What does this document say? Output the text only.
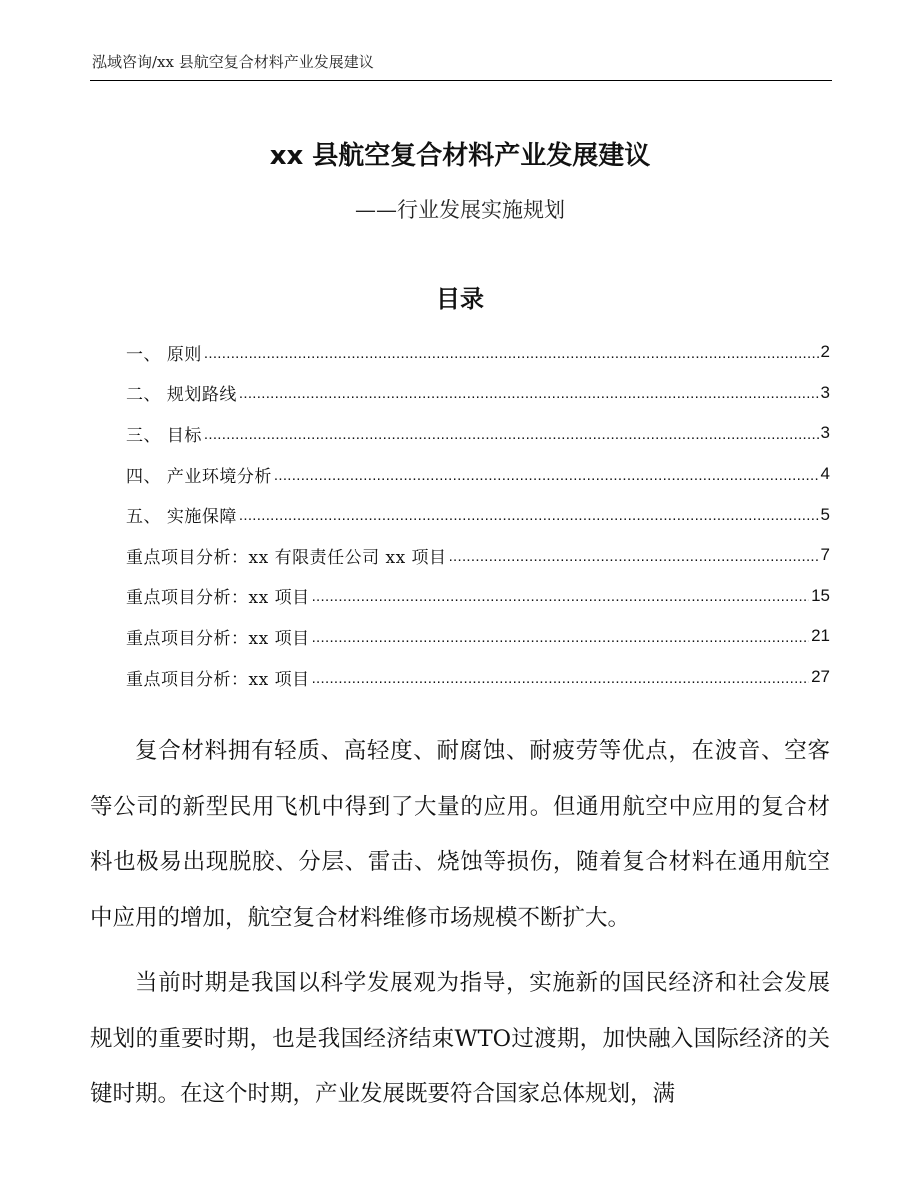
泓域咨询/xx 县航空复合材料产业发展建议
xx 县航空复合材料产业发展建议
——行业发展实施规划
目录
一、 原则 .....	2
二、 规划路线 .....	3
三、 目标 .....	3
四、 产业环境分析 .....	4
五、 实施保障 .....	5
重点项目分析：xx 有限责任公司 xx 项目 .....	7
重点项目分析：xx 项目 .....	15
重点项目分析：xx 项目 .....	21
重点项目分析：xx 项目 .....	27

复合材料拥有轻质、高轻度、耐腐蚀、耐疲劳等优点，在波音、空客等公司的新型民用飞机中得到了大量的应用。但通用航空中应用的复合材料也极易出现脱胶、分层、雷击、烧蚀等损伤，随着复合材料在通用航空中应用的增加，航空复合材料维修市场规模不断扩大。

当前时期是我国以科学发展观为指导，实施新的国民经济和社会发展规划的重要时期，也是我国经济结束WTO过渡期，加快融入国际经济的关键时期。在这个时期，产业发展既要符合国家总体规划，满
